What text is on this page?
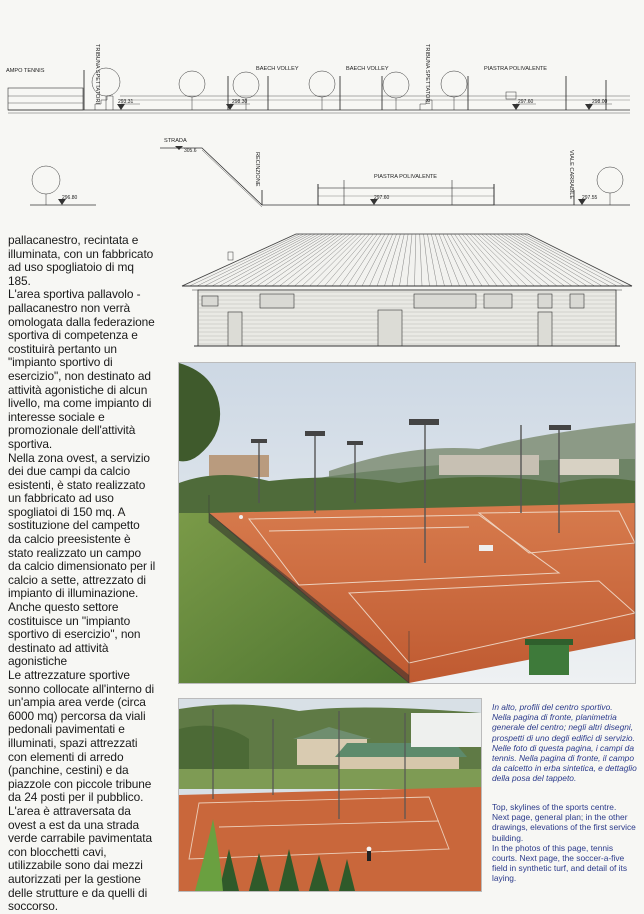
AMPO TENNIS	TRIBUNA SPETTATORI	BAECH VOLLEY	BAECH VOLLEY	TRIBUNA SPETTATORI	PIASTRA POLIVALENTE
293.31	298.30	297.60	298.00
STRADA
RECINZIONE	PIASTRA POLIVALENTE	VIALE CARRABILE
305.6
296.80	297.60	297.55
pallacanestro, recintata e
illuminata, con un fabbricato
ad uso spogliatoio di mq
185.
L'area sportiva pallavolo -
pallacanestro non verrà
omologata dalla federazione
sportiva di competenza e
costituirà pertanto un
"impianto sportivo di
esercizio", non destinato ad
attività agonistiche di alcun
livello, ma come impianto di
interesse sociale e
promozionale dell'attività
sportiva.
Nella zona ovest, a servizio
dei due campi da calcio
esistenti, è stato realizzato
un fabbricato ad uso
spogliatoi di 150 mq. A
sostituzione del campetto
da calcio preesistente è
stato realizzato un campo
da calcio dimensionato per il
calcio a sette, attrezzato di
impianto di illuminazione.
Anche questo settore
costituisce un "impianto
sportivo di esercizio", non
destinato ad attività
agonistiche
Le attrezzature sportive
sonno collocate all'interno di
un'ampia area verde (circa
6000 mq) percorsa da viali
pedonali pavimentati e
illuminati, spazi attrezzati
con elementi di arredo
(panchine, cestini) e da
piazzole con piccole tribune
da 24 posti per il pubblico.
L'area è attraversata da
ovest a est da una strada
verde carrabile pavimentata
con blocchetti cavi,
utilizzabile sono dai mezzi
autorizzati per la gestione
delle strutture e da quelli di
soccorso.
In alto, profili del centro sportivo.
Nella pagina di fronte, planimetria generale del centro; negli altri disegni, prospetti di uno degli edifici di servizio.
Nelle foto di questa pagina, i campi da tennis. Nella pagina di fronte, il campo da calcetto in erba sintetica, e dettaglio della posa del tappeto.
Top, skylines of the sports centre.
Next page, general plan; in the other drawings, elevations of the first service building.
In the photos of this page, tennis courts. Next page, the soccer-a-five field in synthetic turf, and detail of its laying.
